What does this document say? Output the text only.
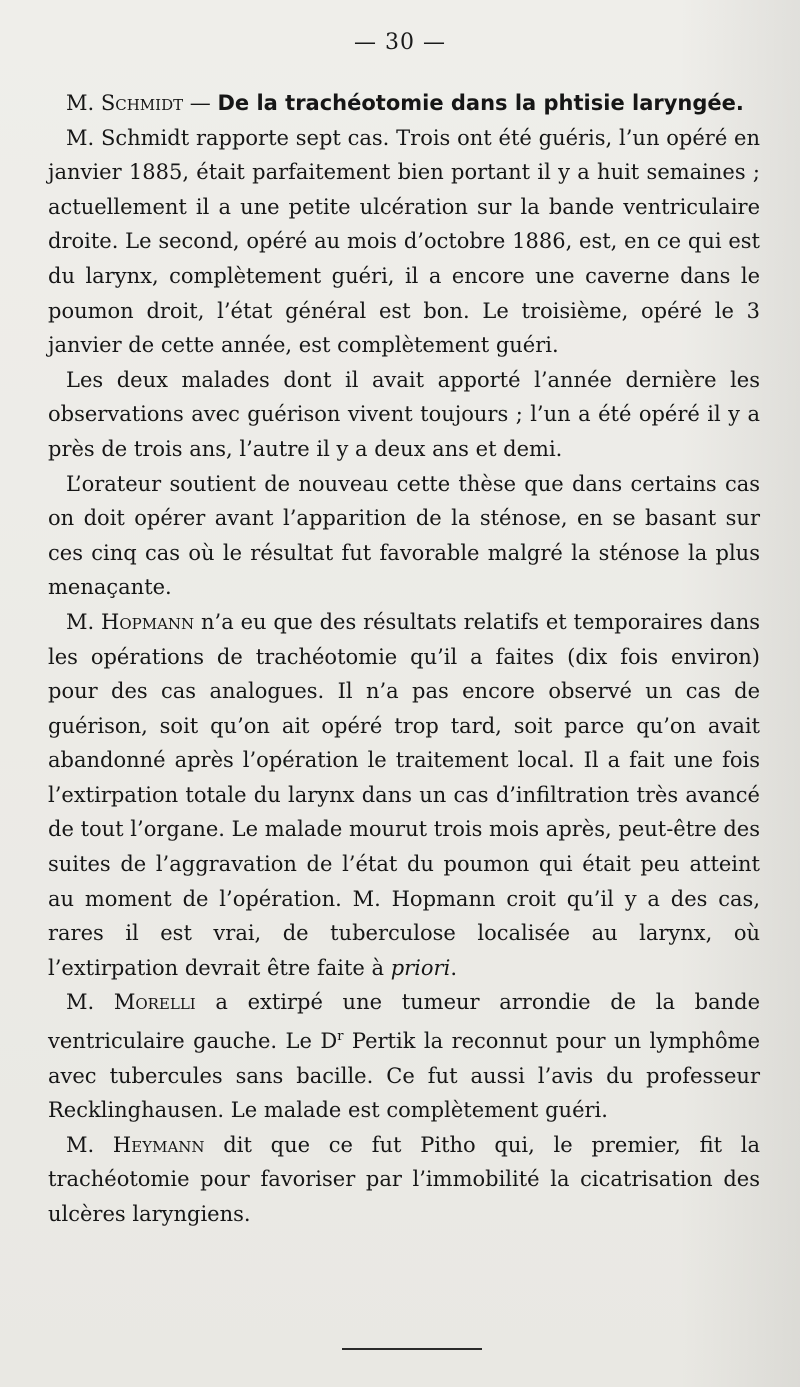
— 30 —

M. Schmidt — De la trachéotomie dans la phtisie laryngée.

M. Schmidt rapporte sept cas. Trois ont été guéris, l’un opéré en janvier 1885, était parfaitement bien portant il y a huit semaines ; actuellement il a une petite ulcération sur la bande ventriculaire droite. Le second, opéré au mois d’octobre 1886, est, en ce qui est du larynx, complètement guéri, il a encore une caverne dans le poumon droit, l’état général est bon. Le troisième, opéré le 3 janvier de cette année, est complètement guéri.

Les deux malades dont il avait apporté l’année dernière les observations avec guérison vivent toujours ; l’un a été opéré il y a près de trois ans, l’autre il y a deux ans et demi.

L’orateur soutient de nouveau cette thèse que dans certains cas on doit opérer avant l’apparition de la sténose, en se basant sur ces cinq cas où le résultat fut favorable malgré la sténose la plus menaçante.

M. Hopmann n’a eu que des résultats relatifs et temporaires dans les opérations de trachéotomie qu’il a faites (dix fois environ) pour des cas analogues. Il n’a pas encore observé un cas de guérison, soit qu’on ait opéré trop tard, soit parce qu’on avait abandonné après l’opération le traitement local. Il a fait une fois l’extirpation totale du larynx dans un cas d’infiltration très avancé de tout l’organe. Le malade mourut trois mois après, peut-être des suites de l’aggravation de l’état du poumon qui était peu atteint au moment de l’opération. M. Hopmann croit qu’il y a des cas, rares il est vrai, de tuberculose localisée au larynx, où l’extirpation devrait être faite à priori.

M. Morelli a extirpé une tumeur arrondie de la bande ventriculaire gauche. Le $D^r$ Pertik la reconnut pour un lymphôme avec tubercules sans bacille. Ce fut aussi l’avis du professeur Recklinghausen. Le malade est complètement guéri.

M. Heymann dit que ce fut Pitho qui, le premier, fit la trachéotomie pour favoriser par l’immobilité la cicatrisation des ulcères laryngiens.
